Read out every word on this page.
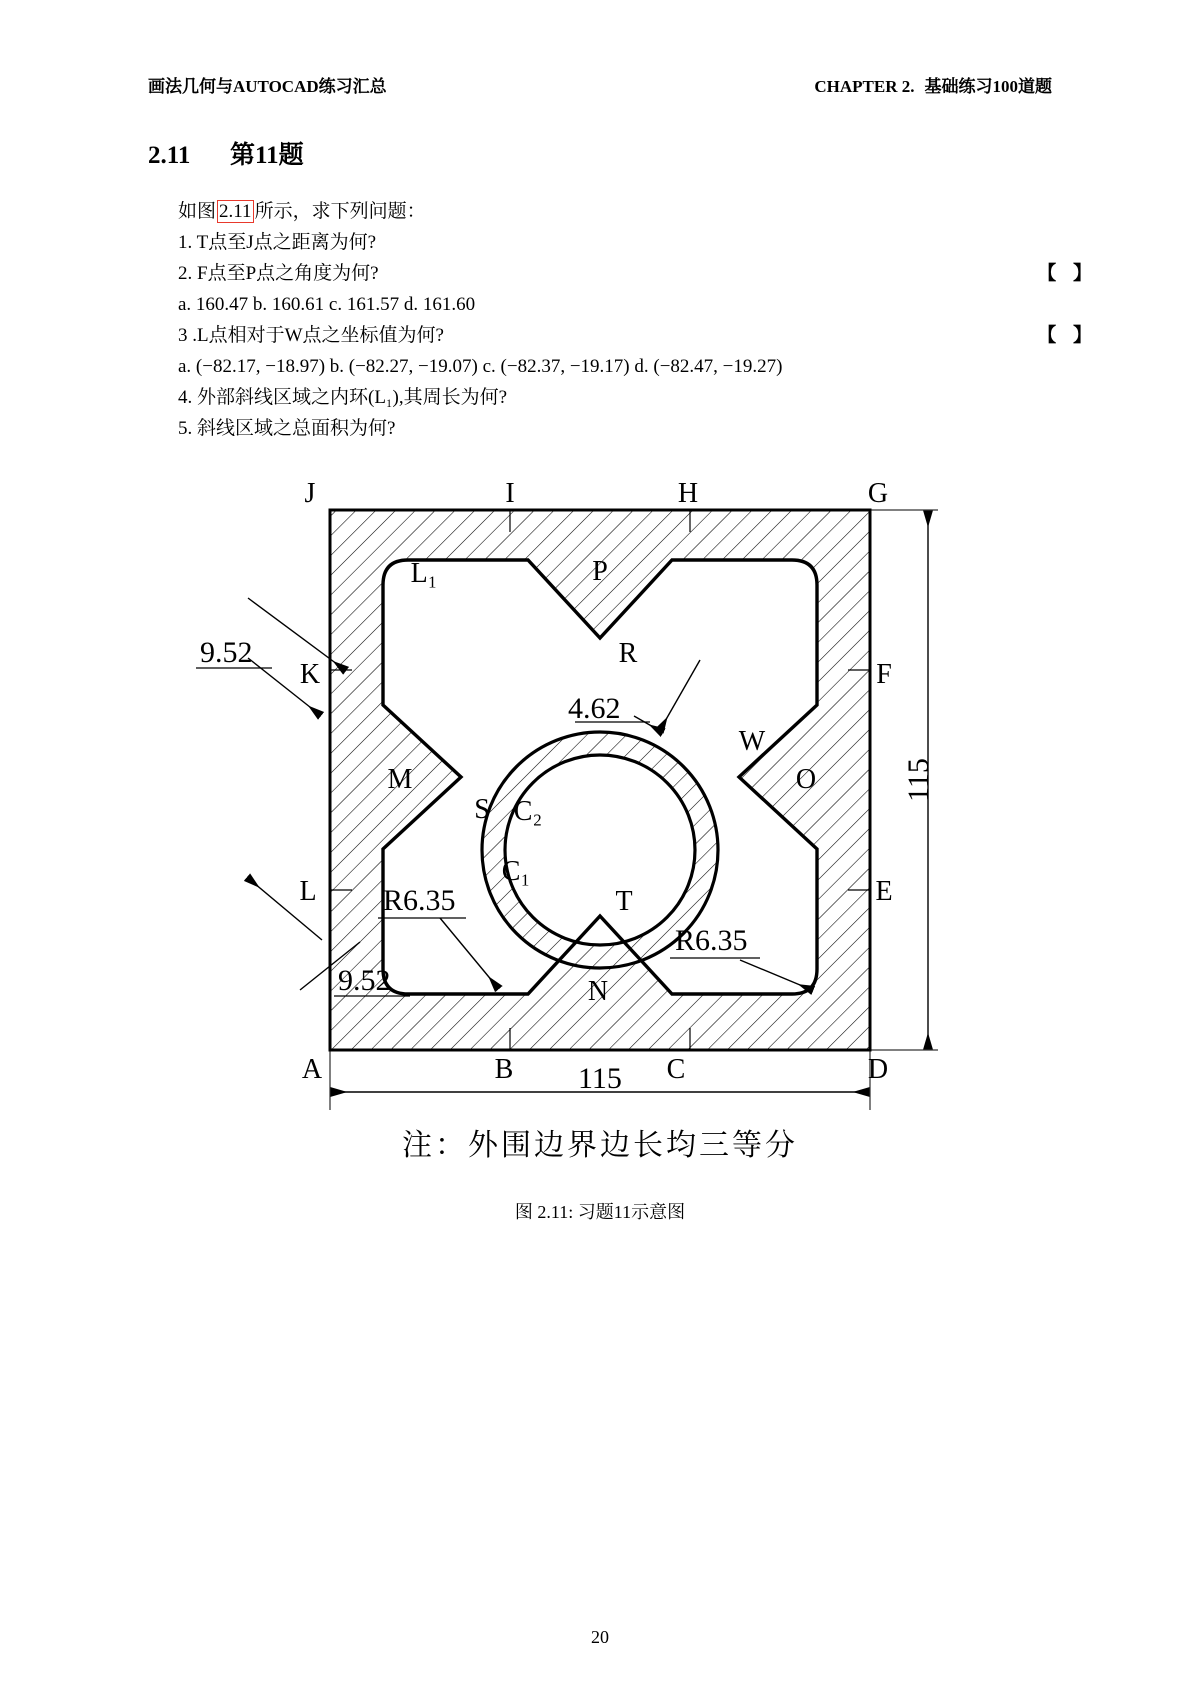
画法几何与AUTOCAD练习汇总	CHAPTER 2. 基础练习100道题
2.11 第11题
如图 2.11 所示，求下列问题：
1. T点至J点之距离为何?
2. F点至P点之角度为何?	【 】
a. 160.47 b. 160.61 c. 161.57 d. 161.60
3 .L点相对于W点之坐标值为何?	【 】
a. (−82.17, −18.97) b. (−82.27, −19.07) c. (−82.37, −19.17) d. (−82.47, −19.27)
4. 外部斜线区域之内环(L₁),其周长为何?
5. 斜线区域之总面积为何?
115
115
9.52
9.52
4.62
R6.35
R6.35
J	I	H	G
A	B	C	D
E
F
K
L
M
N
O
P
R
S
T
W
L₁
C₂
C₁
注：外围边界边长均三等分
图 2.11: 习题11示意图
20
